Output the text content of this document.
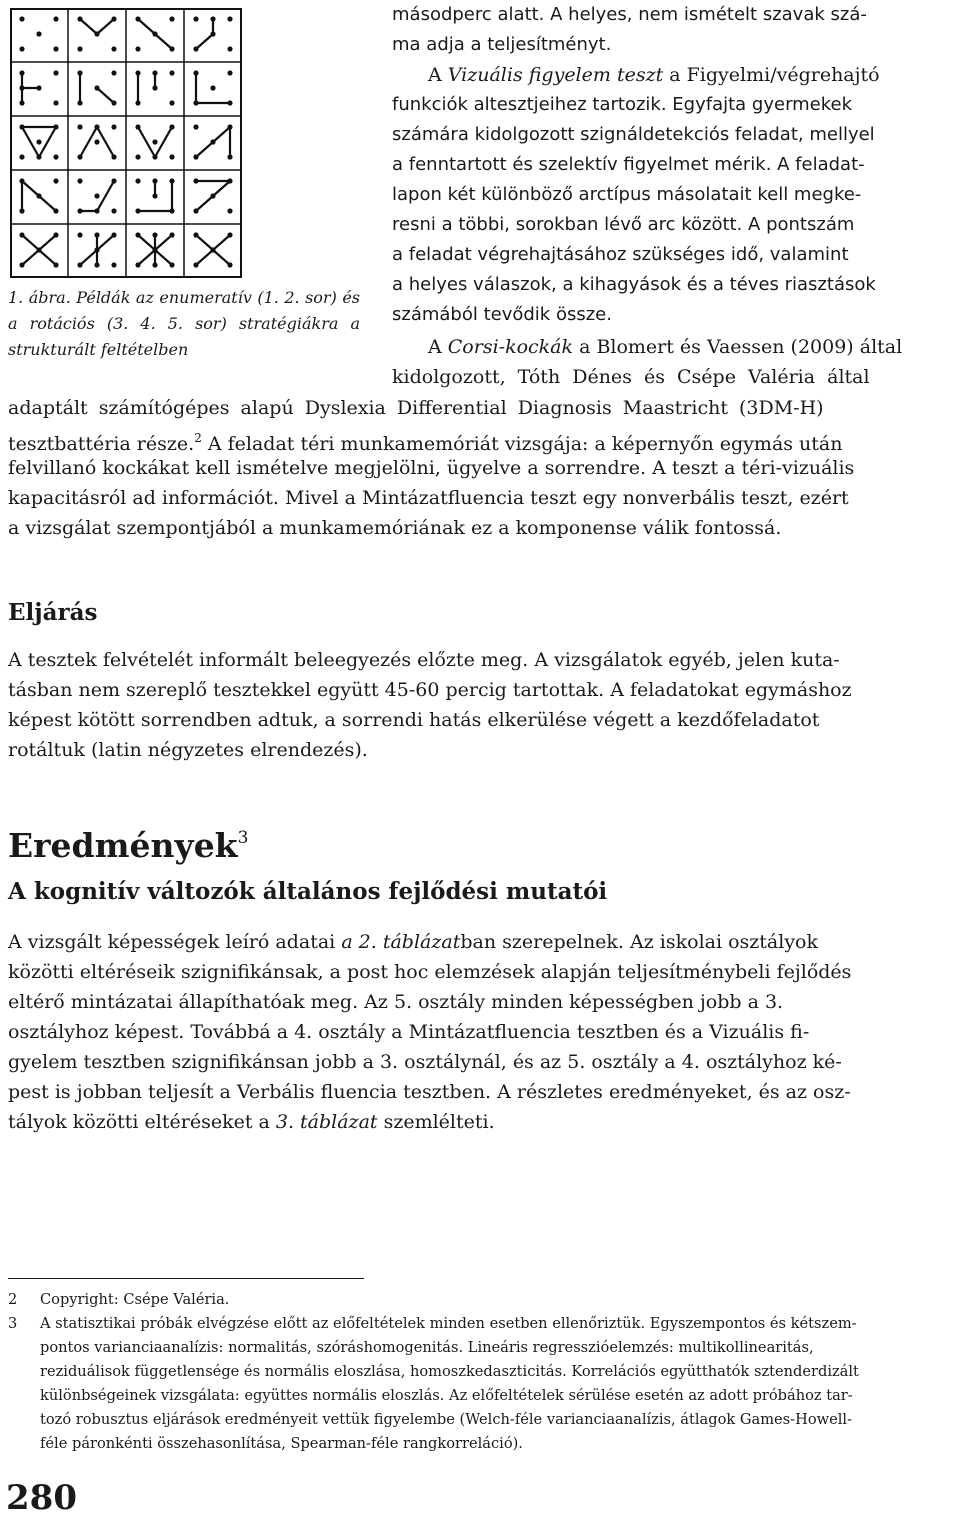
1. ábra. Példák az enumeratív (1. 2. sor) és a rotációs (3. 4. 5. sor) stratégiákra a strukturált feltételben
másodperc alatt. A helyes, nem ismételt szavak szá-
ma adja a teljesítményt.
A Vizuális figyelem teszt a Figyelmi/végrehajtó
funkciók altesztjeihez tartozik. Egyfajta gyermekek
számára kidolgozott szignáldetekciós feladat, mellyel
a fenntartott és szelektív figyelmet mérik. A feladat-
lapon két különböző arctípus másolatait kell megke-
resni a többi, sorokban lévő arc között. A pontszám
a feladat végrehajtásához szükséges idő, valamint
a helyes válaszok, a kihagyások és a téves riasztások
számából tevődik össze.
A Corsi-kockák a Blomert és Vaessen (2009) által
kidolgozott, Tóth Dénes és Csépe Valéria által
adaptált számítógépes alapú Dyslexia Differential Diagnosis Maastricht (3DM-H)
tesztbattéria része.$^2$ A feladat téri munkamemóriát vizsgája: a képernyőn egymás után
felvillanó kockákat kell ismételve megjelölni, ügyelve a sorrendre. A teszt a téri-vizuális
kapacitásról ad információt. Mivel a Mintázatfluencia teszt egy nonverbális teszt, ezért
a vizsgálat szempontjából a munkamemóriának ez a komponense válik fontossá.
Eljárás
A tesztek felvételét informált beleegyezés előzte meg. A vizsgálatok egyéb, jelen kuta-
tásban nem szereplő tesztekkel együtt 45-60 percig tartottak. A feladatokat egymáshoz
képest kötött sorrendben adtuk, a sorrendi hatás elkerülése végett a kezdőfeladatot
rotáltuk (latin négyzetes elrendezés).
Eredmények$^3$
A kognitív változók általános fejlődési mutatói
A vizsgált képességek leíró adatai a 2. táblázatban szerepelnek. Az iskolai osztályok
közötti eltéréseik szignifikánsak, a post hoc elemzések alapján teljesítménybeli fejlődés
eltérő mintázatai állapíthatóak meg. Az 5. osztály minden képességben jobb a 3.
osztályhoz képest. Továbbá a 4. osztály a Mintázatfluencia tesztben és a Vizuális fi-
gyelem tesztben szignifikánsan jobb a 3. osztálynál, és az 5. osztály a 4. osztályhoz ké-
pest is jobban teljesít a Verbális fluencia tesztben. A részletes eredményeket, és az osz-
tályok közötti eltéréseket a 3. táblázat szemlélteti.
2 Copyright: Csépe Valéria.
3 A statisztikai próbák elvégzése előtt az előfeltételek minden esetben ellenőriztük. Egyszempontos és kétszem-
pontos varianciaanalízis: normalitás, szóráshomogenitás. Lineáris regresszióelemzés: multikollinearitás,
reziduálisok függetlensége és normális eloszlása, homoszkedaszticitás. Korrelációs együtthatók sztenderdizált
különbségeinek vizsgálata: együttes normális eloszlás. Az előfeltételek sérülése esetén az adott próbához tar-
tozó robusztus eljárások eredményeit vettük figyelembe (Welch-féle varianciaanalízis, átlagok Games-Howell-
féle páronkénti összehasonlítása, Spearman-féle rangkorreláció).
280
